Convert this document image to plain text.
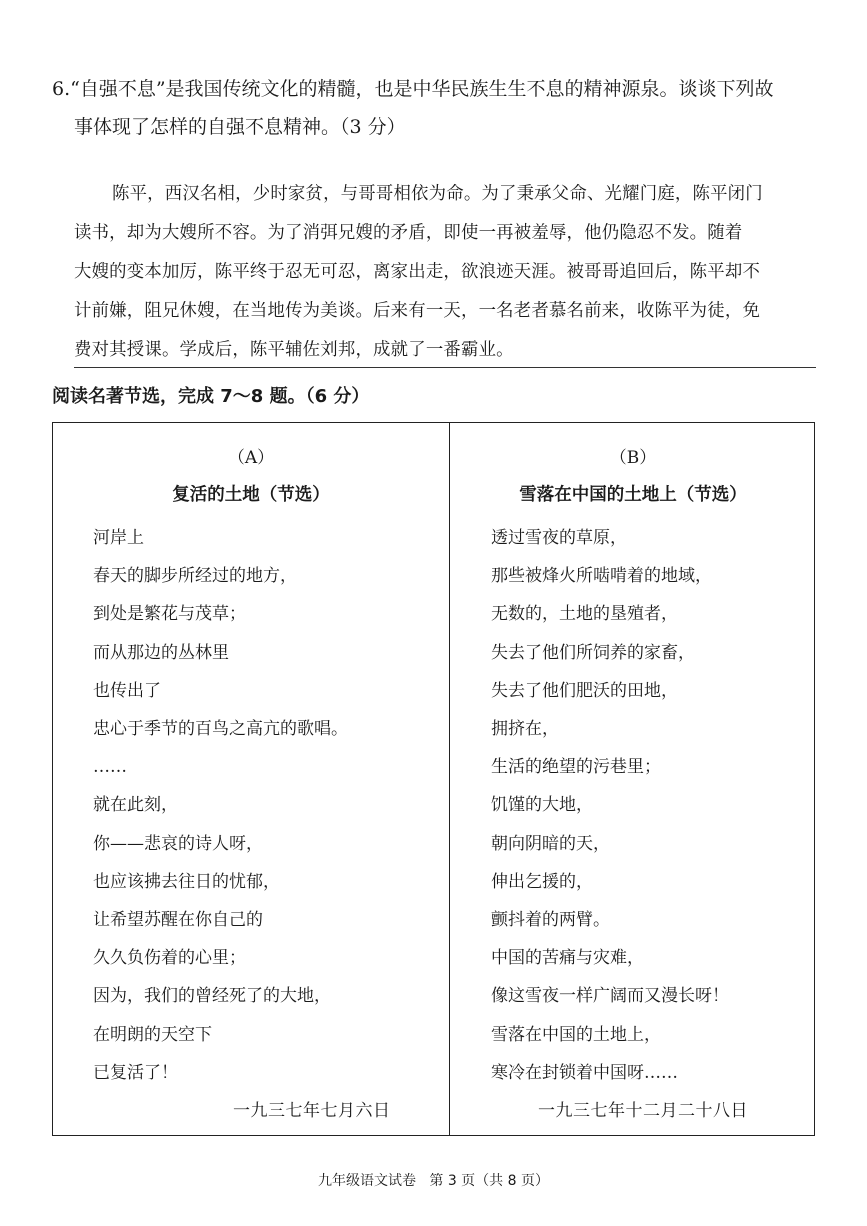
6.“自强不息”是我国传统文化的精髓，也是中华民族生生不息的精神源泉。谈谈下列故
事体现了怎样的自强不息精神。（3 分）
陈平，西汉名相，少时家贫，与哥哥相依为命。为了秉承父命、光耀门庭，陈平闭门
读书，却为大嫂所不容。为了消弭兄嫂的矛盾，即使一再被羞辱，他仍隐忍不发。随着
大嫂的变本加厉，陈平终于忍无可忍，离家出走，欲浪迹天涯。被哥哥追回后，陈平却不
计前嫌，阻兄休嫂，在当地传为美谈。后来有一天，一名老者慕名前来，收陈平为徒，免
费对其授课。学成后，陈平辅佐刘邦，成就了一番霸业。
阅读名著节选，完成 7～8 题。（6 分）
（A）
复活的土地（节选）
河岸上
春天的脚步所经过的地方，
到处是繁花与茂草；
而从那边的丛林里
也传出了
忠心于季节的百鸟之高亢的歌唱。
……
就在此刻，
你——悲哀的诗人呀，
也应该拂去往日的忧郁，
让希望苏醒在你自己的
久久负伤着的心里；
因为，我们的曾经死了的大地，
在明朗的天空下
已复活了！
一九三七年七月六日
（B）
雪落在中国的土地上（节选）
透过雪夜的草原，
那些被烽火所啮啃着的地域，
无数的，土地的垦殖者，
失去了他们所饲养的家畜，
失去了他们肥沃的田地，
拥挤在，
生活的绝望的污巷里；
饥馑的大地，
朝向阴暗的天，
伸出乞援的，
颤抖着的两臂。
中国的苦痛与灾难，
像这雪夜一样广阔而又漫长呀！
雪落在中国的土地上，
寒冷在封锁着中国呀……
一九三七年十二月二十八日
九年级语文试卷   第 3 页（共 8 页）
